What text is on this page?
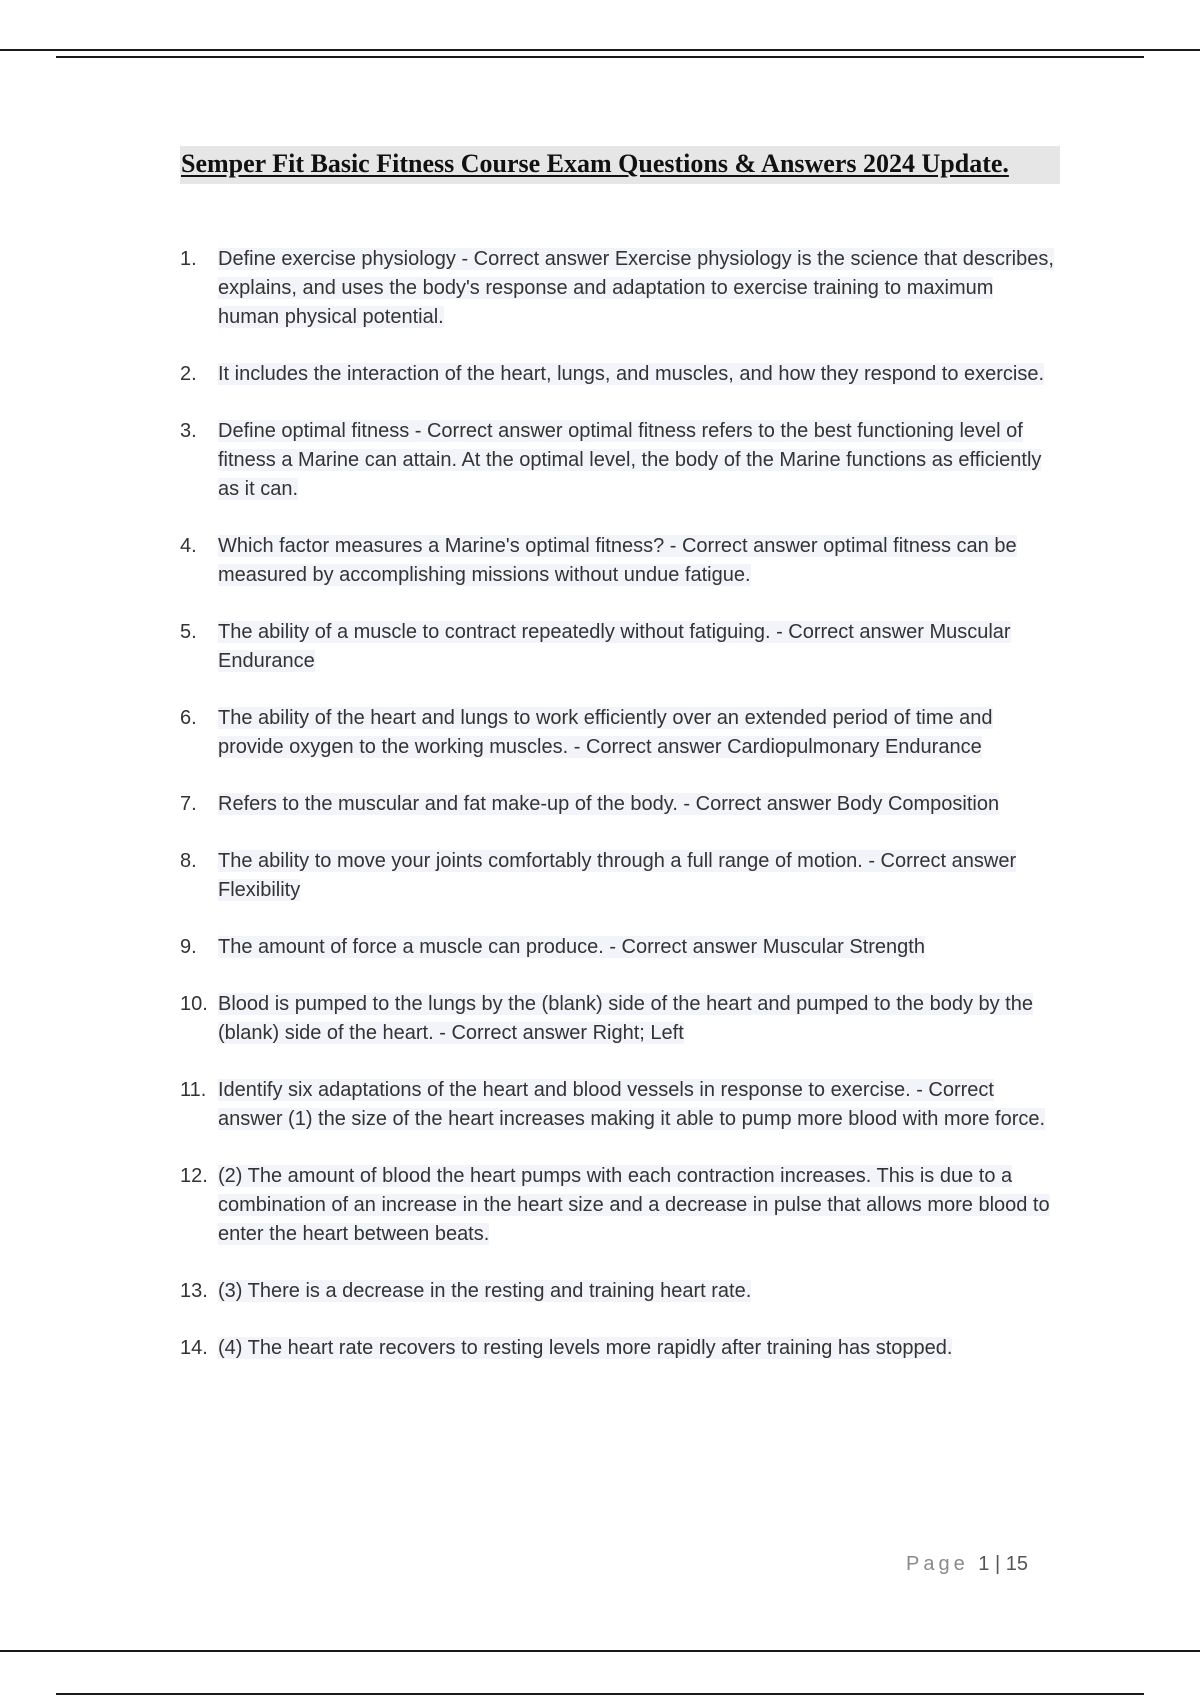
Semper Fit Basic Fitness Course Exam Questions & Answers 2024 Update.
1. Define exercise physiology - Correct answer Exercise physiology is the science that describes, explains, and uses the body's response and adaptation to exercise training to maximum human physical potential.
2. It includes the interaction of the heart, lungs, and muscles, and how they respond to exercise.
3. Define optimal fitness - Correct answer optimal fitness refers to the best functioning level of fitness a Marine can attain. At the optimal level, the body of the Marine functions as efficiently as it can.
4. Which factor measures a Marine's optimal fitness? - Correct answer optimal fitness can be measured by accomplishing missions without undue fatigue.
5. The ability of a muscle to contract repeatedly without fatiguing. - Correct answer Muscular Endurance
6. The ability of the heart and lungs to work efficiently over an extended period of time and provide oxygen to the working muscles. - Correct answer Cardiopulmonary Endurance
7. Refers to the muscular and fat make-up of the body. - Correct answer Body Composition
8. The ability to move your joints comfortably through a full range of motion. - Correct answer Flexibility
9. The amount of force a muscle can produce. - Correct answer Muscular Strength
10. Blood is pumped to the lungs by the (blank) side of the heart and pumped to the body by the (blank) side of the heart. - Correct answer Right; Left
11. Identify six adaptations of the heart and blood vessels in response to exercise. - Correct answer (1) the size of the heart increases making it able to pump more blood with more force.
12. (2) The amount of blood the heart pumps with each contraction increases. This is due to a combination of an increase in the heart size and a decrease in pulse that allows more blood to enter the heart between beats.
13. (3) There is a decrease in the resting and training heart rate.
14. (4) The heart rate recovers to resting levels more rapidly after training has stopped.
Page 1 | 15
